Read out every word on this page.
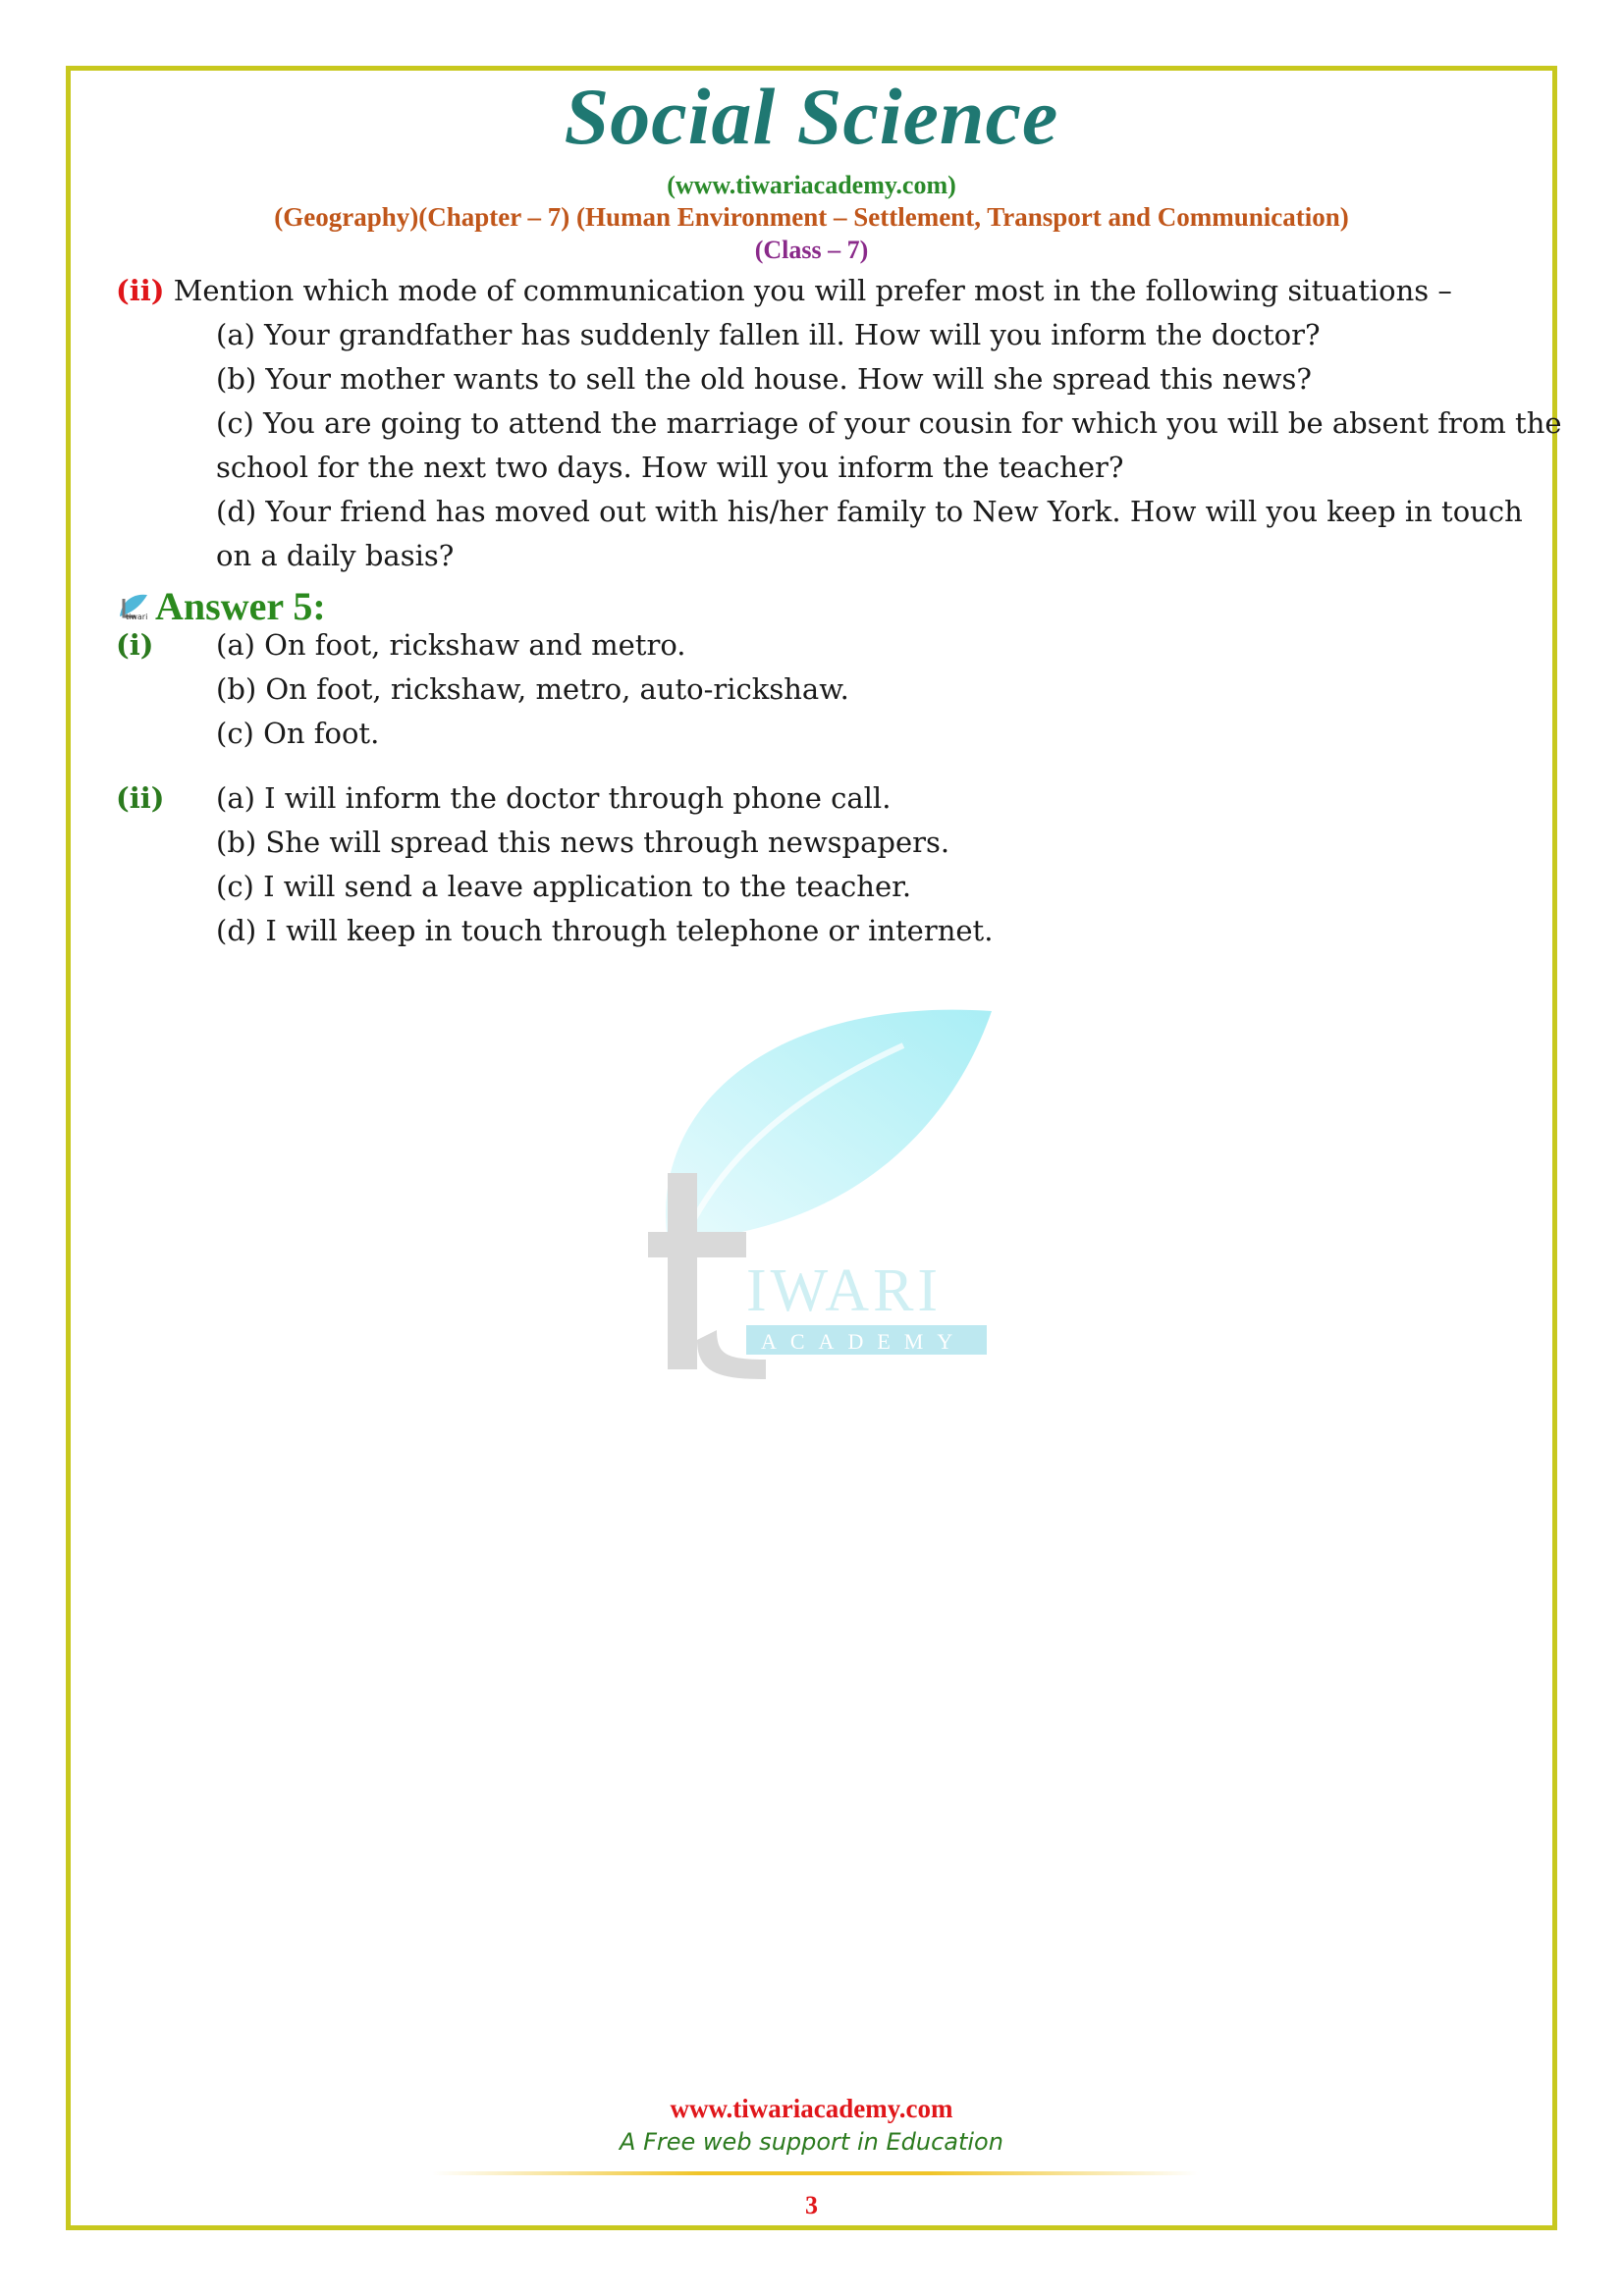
Social Science
(www.tiwariacademy.com)
(Geography)(Chapter – 7) (Human Environment – Settlement, Transport and Communication)
(Class – 7)
(ii) Mention which mode of communication you will prefer most in the following situations –
(a) Your grandfather has suddenly fallen ill. How will you inform the doctor?
(b) Your mother wants to sell the old house. How will she spread this news?
(c) You are going to attend the marriage of your cousin for which you will be absent from the
school for the next two days. How will you inform the teacher?
(d) Your friend has moved out with his/her family to New York. How will you keep in touch
on a daily basis?
tiwari Answer 5:
(i) (a) On foot, rickshaw and metro.
(b) On foot, rickshaw, metro, auto-rickshaw.
(c) On foot.
(ii) (a) I will inform the doctor through phone call.
(b) She will spread this news through newspapers.
(c) I will send a leave application to the teacher.
(d) I will keep in touch through telephone or internet.
IWARI
ACADEMY
www.tiwariacademy.com
A Free web support in Education
3
